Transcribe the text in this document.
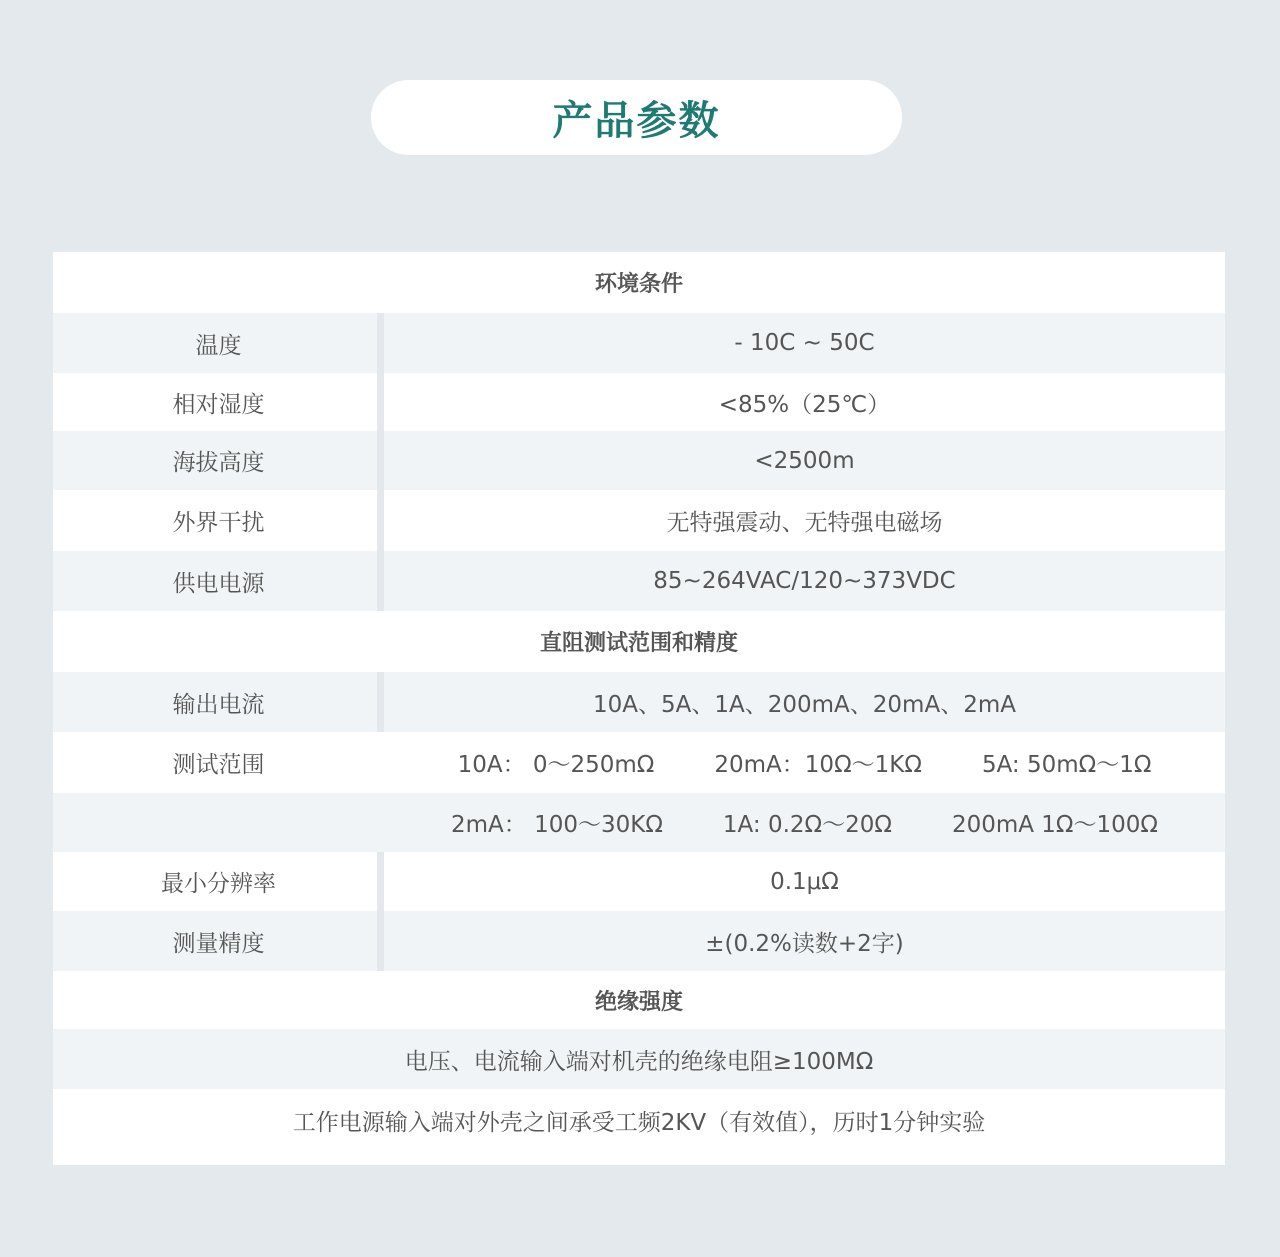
产品参数
环境条件
温度	- 10C ~ 50C
相对湿度	<85%（25℃）
海拔高度	<2500m
外界干扰	无特强震动、无特强电磁场
供电电源	85~264VAC/120~373VDC
直阻测试范围和精度
输出电流	10A、5A、1A、200mA、20mA、2mA
测试范围	10A： 0～250mΩ	20mA：10Ω～1KΩ	5A: 50mΩ～1Ω
2mA： 100～30KΩ	1A: 0.2Ω～20Ω	200mA 1Ω～100Ω
最小分辨率	0.1μΩ
测量精度	±(0.2%读数+2字)
绝缘强度
电压、电流输入端对机壳的绝缘电阻≥100MΩ
工作电源输入端对外壳之间承受工频2KV（有效值），历时1分钟实验
